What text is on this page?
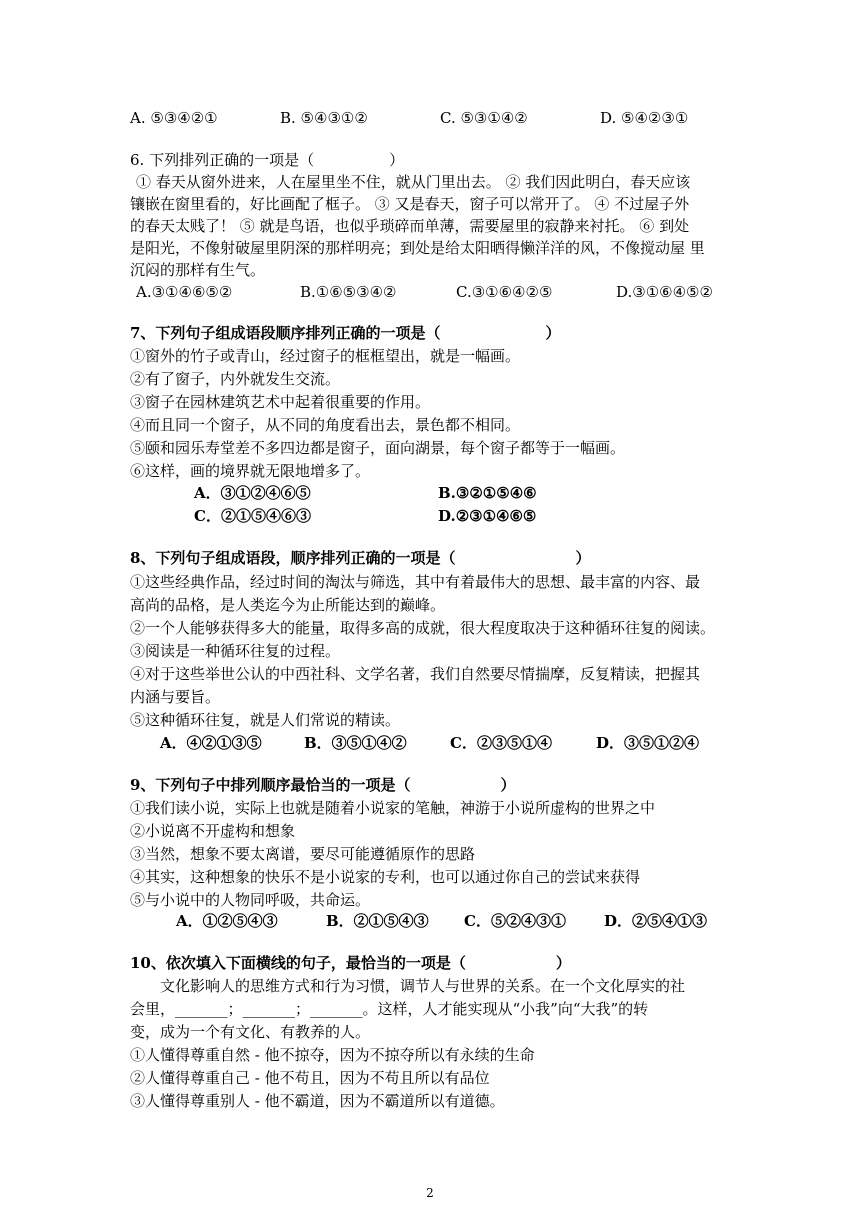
A. ⑤③④②①	B. ⑤④③①②	C. ⑤③①④②	D. ⑤④②③①
6. 下列排列正确的一项是（　　　　　）
① 春天从窗外进来，人在屋里坐不住，就从门里出去。 ② 我们因此明白，春天应该
镶嵌在窗里看的，好比画配了框子。 ③ 又是春天，窗子可以常开了。 ④ 不过屋子外
的春天太贱了！ ⑤ 就是鸟语，也似乎琐碎而单薄，需要屋里的寂静来衬托。 ⑥ 到处
是阳光，不像射破屋里阴深的那样明亮；到处是给太阳晒得懒洋洋的风，不像搅动屋 里
沉闷的那样有生气。
A.③①④⑥⑤②	B.①⑥⑤③④②	C.③①⑥④②⑤	D.③①⑥④⑤②
7、下列句子组成语段顺序排列正确的一项是（　　　　　　　）
①窗外的竹子或青山，经过窗子的框框望出，就是一幅画。
②有了窗子，内外就发生交流。
③窗子在园林建筑艺术中起着很重要的作用。
④而且同一个窗子，从不同的角度看出去，景色都不相同。
⑤颐和园乐寿堂差不多四边都是窗子，面向湖景，每个窗子都等于一幅画。
⑥这样，画的境界就无限地增多了。
A．③①②④⑥⑤	B.③②①⑤④⑥
C．②①⑤④⑥③	D.②③①④⑥⑤
8、下列句子组成语段，顺序排列正确的一项是（　　　　　　　　）
①这些经典作品，经过时间的淘汰与筛选，其中有着最伟大的思想、最丰富的内容、最
高尚的品格，是人类迄今为止所能达到的巅峰。
②一个人能够获得多大的能量，取得多高的成就，很大程度取决于这种循环往复的阅读。
③阅读是一种循环往复的过程。
④对于这些举世公认的中西社科、文学名著，我们自然要尽情揣摩，反复精读，把握其
内涵与要旨。
⑤这种循环往复，就是人们常说的精读。
A．④②①③⑤	B．③⑤①④②	C．②③⑤①④	D．③⑤①②④
9、下列句子中排列顺序最恰当的一项是（　　　　　　）
①我们读小说，实际上也就是随着小说家的笔触，神游于小说所虚构的世界之中
②小说离不开虚构和想象
③当然，想象不要太离谱，要尽可能遵循原作的思路
④其实，这种想象的快乐不是小说家的专利，也可以通过你自己的尝试来获得
⑤与小说中的人物同呼吸，共命运。
A．①②⑤④③	B．②①⑤④③ C．⑤②④③①	D．②⑤④①③
10、依次填入下面横线的句子，最恰当的一项是（　　　　　　）
　　文化影响人的思维方式和行为习惯，调节人与世界的关系。在一个文化厚实的社
会里，_______；_______；_______。这样，人才能实现从“小我”向“大我”的转
变，成为一个有文化、有教养的人。
①人懂得尊重自然 - 他不掠夺，因为不掠夺所以有永续的生命
②人懂得尊重自己 - 他不苟且，因为不苟且所以有品位
③人懂得尊重别人 - 他不霸道，因为不霸道所以有道德。
2
